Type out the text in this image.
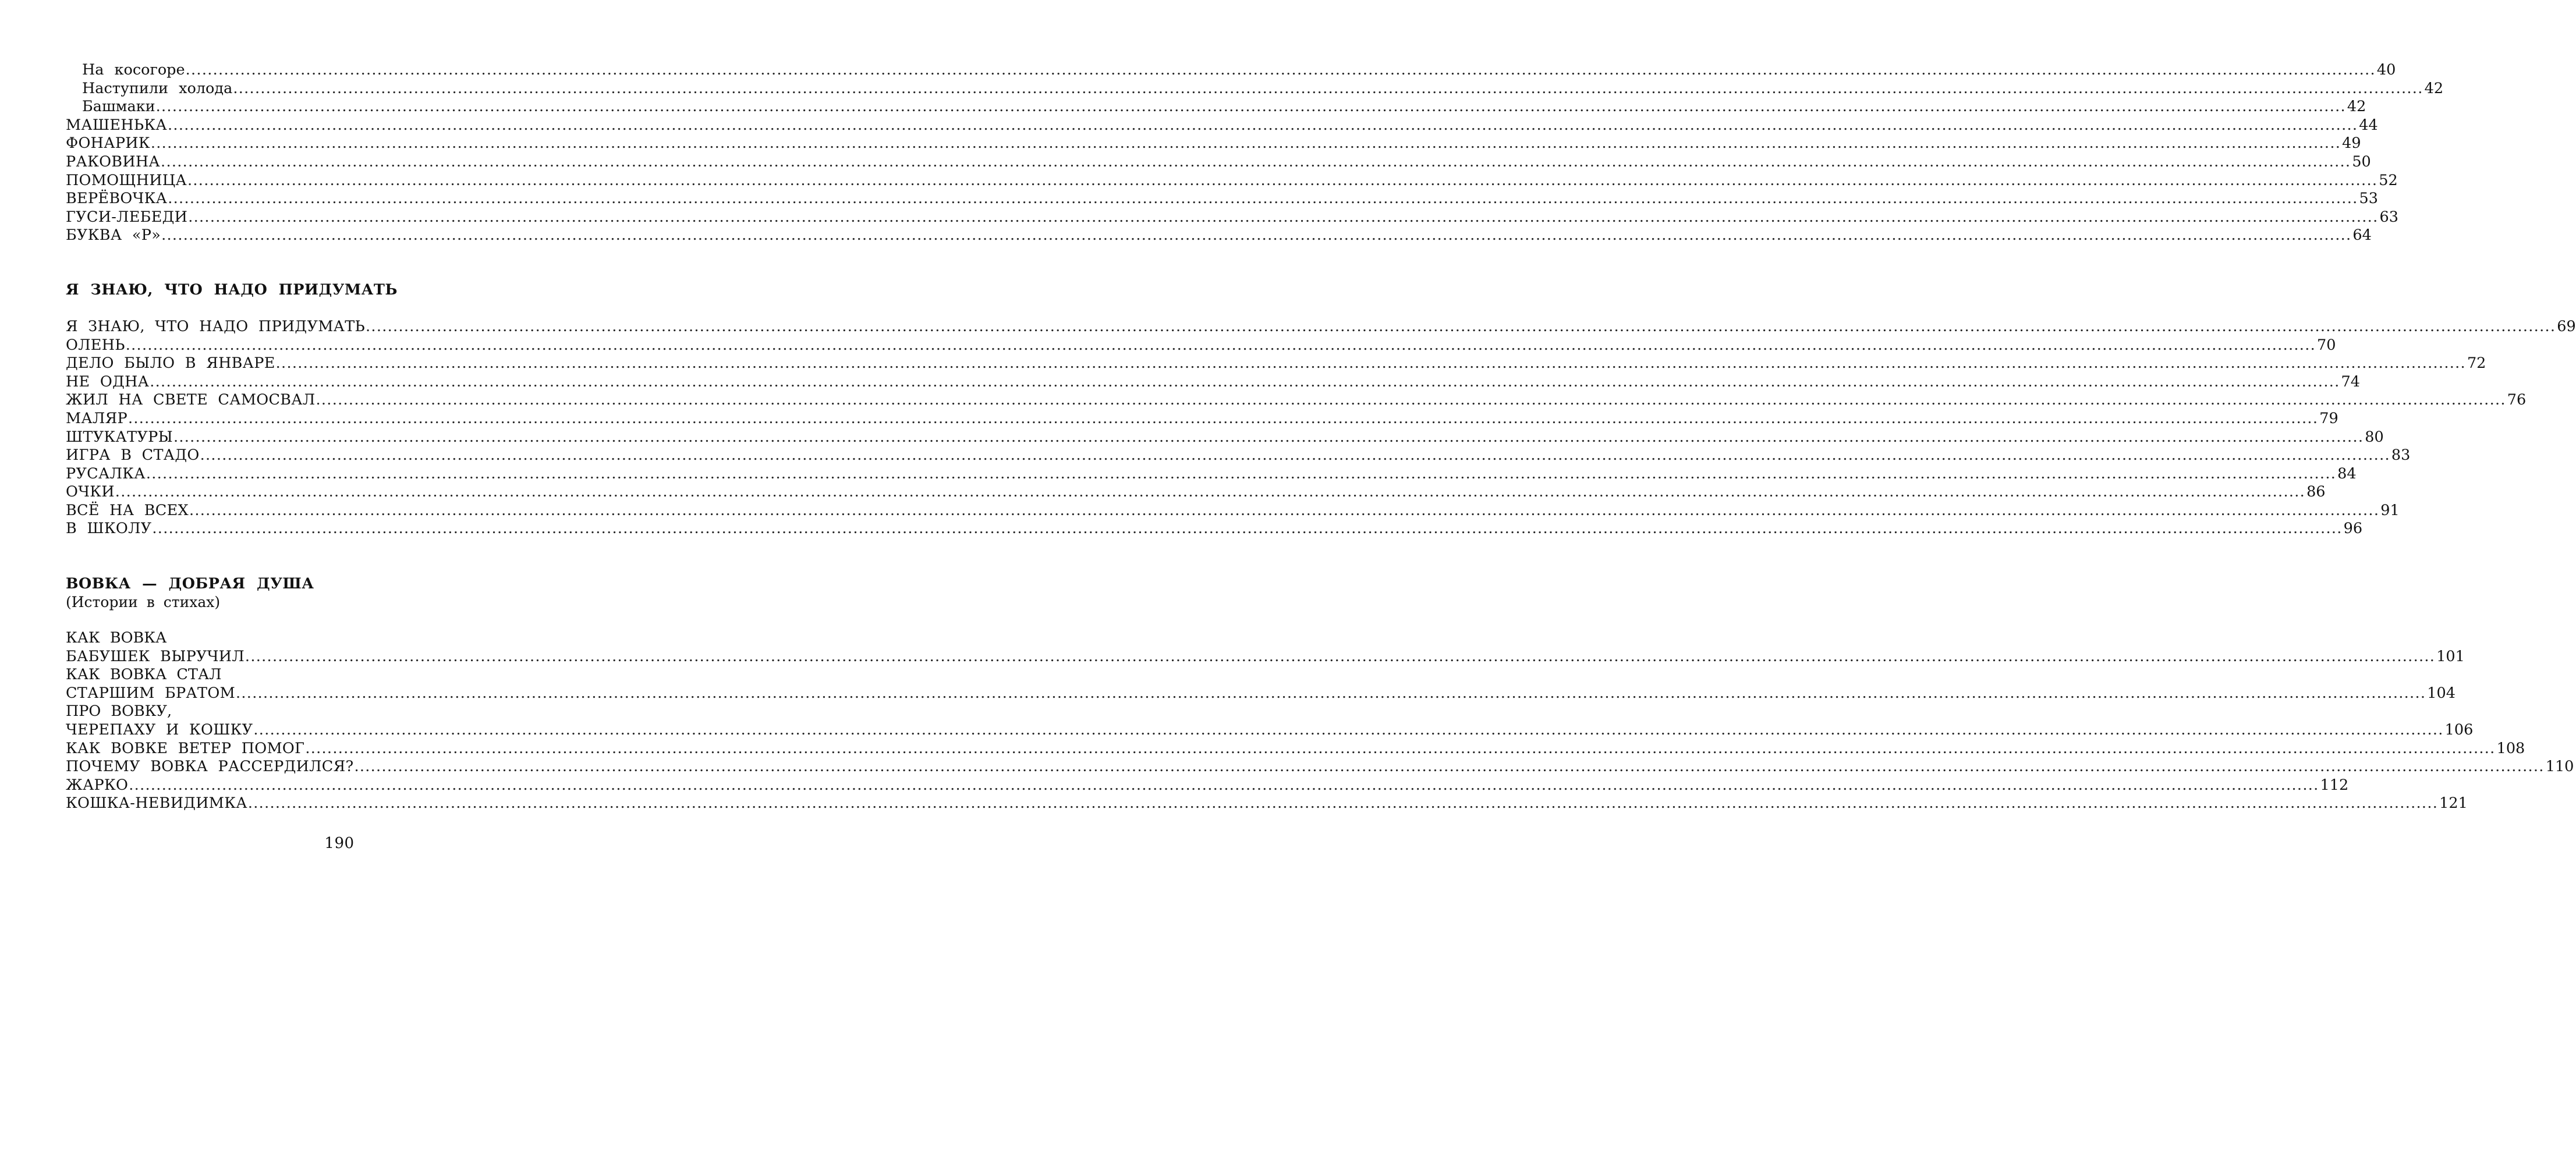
На косогоре ................................................................................................................................................................................................................................................................................................................................................................................................................ 40
Наступили холода ................................................................................................................................................................................................................................................................................................................................................................................................................ 42
Башмаки ................................................................................................................................................................................................................................................................................................................................................................................................................ 42
МАШЕНЬКА ................................................................................................................................................................................................................................................................................................................................................................................................................ 44
ФОНАРИК ................................................................................................................................................................................................................................................................................................................................................................................................................ 49
РАКОВИНА ................................................................................................................................................................................................................................................................................................................................................................................................................ 50
ПОМОЩНИЦА ................................................................................................................................................................................................................................................................................................................................................................................................................ 52
ВЕРЁВОЧКА ................................................................................................................................................................................................................................................................................................................................................................................................................ 53
ГУСИ-ЛЕБЕДИ ................................................................................................................................................................................................................................................................................................................................................................................................................ 63
БУКВА «Р» ................................................................................................................................................................................................................................................................................................................................................................................................................ 64
Я ЗНАЮ, ЧТО НАДО ПРИДУМАТЬ
Я ЗНАЮ, ЧТО НАДО ПРИДУМАТЬ ................................................................................................................................................................................................................................................................................................................................................................................................................ 69
ОЛЕНЬ ................................................................................................................................................................................................................................................................................................................................................................................................................ 70
ДЕЛО БЫЛО В ЯНВАРЕ ................................................................................................................................................................................................................................................................................................................................................................................................................ 72
НЕ ОДНА ................................................................................................................................................................................................................................................................................................................................................................................................................ 74
ЖИЛ НА СВЕТЕ САМОСВАЛ ................................................................................................................................................................................................................................................................................................................................................................................................................ 76
МАЛЯР ................................................................................................................................................................................................................................................................................................................................................................................................................ 79
ШТУКАТУРЫ ................................................................................................................................................................................................................................................................................................................................................................................................................ 80
ИГРА В СТАДО ................................................................................................................................................................................................................................................................................................................................................................................................................ 83
РУСАЛКА ................................................................................................................................................................................................................................................................................................................................................................................................................ 84
ОЧКИ ................................................................................................................................................................................................................................................................................................................................................................................................................ 86
ВСЁ НА ВСЕХ ................................................................................................................................................................................................................................................................................................................................................................................................................ 91
В ШКОЛУ ................................................................................................................................................................................................................................................................................................................................................................................................................ 96
ВОВКА — ДОБРАЯ ДУША
(Истории в стихах)
КАК ВОВКА
БАБУШЕК ВЫРУЧИЛ ................................................................................................................................................................................................................................................................................................................................................................................................................ 101
КАК ВОВКА СТАЛ
СТАРШИМ БРАТОМ ................................................................................................................................................................................................................................................................................................................................................................................................................ 104
ПРО ВОВКУ,
ЧЕРЕПАХУ И КОШКУ ................................................................................................................................................................................................................................................................................................................................................................................................................ 106
КАК ВОВКЕ ВЕТЕР ПОМОГ ................................................................................................................................................................................................................................................................................................................................................................................................................ 108
ПОЧЕМУ ВОВКА РАССЕРДИЛСЯ? ................................................................................................................................................................................................................................................................................................................................................................................................................ 110
ЖАРКО ................................................................................................................................................................................................................................................................................................................................................................................................................ 112
КОШКА-НЕВИДИМКА ................................................................................................................................................................................................................................................................................................................................................................................................................ 121
190
